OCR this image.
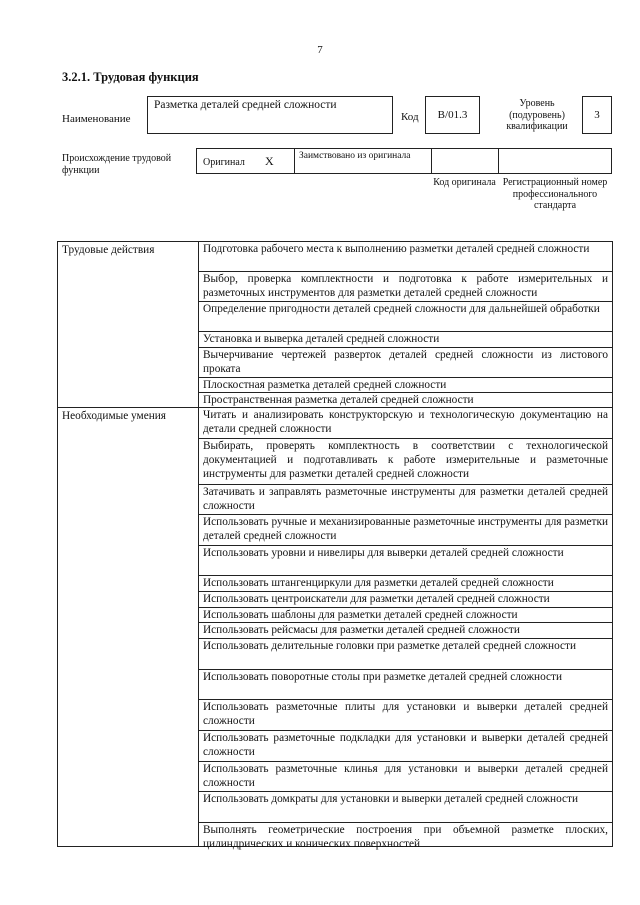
7
3.2.1. Трудовая функция
Наименование
Разметка деталей средней сложности
Код	B/01.3
Уровень (подуровень) квалификации
3
Происхождение трудовой функции
Оригинал X	Заимствовано из оригинала
Код оригинала Регистрационный номер профессионального стандарта
Трудовые действия	Подготовка рабочего места к выполнению разметки деталей средней сложности
Выбор, проверка комплектности и подготовка к работе измерительных и разметочных инструментов для разметки деталей средней сложности
Определение пригодности деталей средней сложности для дальнейшей обработки
Установка и выверка деталей средней сложности
Вычерчивание чертежей разверток деталей средней сложности из листового проката
Плоскостная разметка деталей средней сложности
Пространственная разметка деталей средней сложности
Необходимые умения	Читать и анализировать конструкторскую и технологическую документацию на детали средней сложности
Выбирать, проверять комплектность в соответствии с технологической документацией и подготавливать к работе измерительные и разметочные инструменты для разметки деталей средней сложности
Затачивать и заправлять разметочные инструменты для разметки деталей средней сложности
Использовать ручные и механизированные разметочные инструменты для разметки деталей средней сложности
Использовать уровни и нивелиры для выверки деталей средней сложности
Использовать штангенциркули для разметки деталей средней сложности
Использовать центроискатели для разметки деталей средней сложности
Использовать шаблоны для разметки деталей средней сложности
Использовать рейсмасы для разметки деталей средней сложности
Использовать делительные головки при разметке деталей средней сложности
Использовать поворотные столы при разметке деталей средней сложности
Использовать разметочные плиты для установки и выверки деталей средней сложности
Использовать разметочные подкладки для установки и выверки деталей средней сложности
Использовать разметочные клинья для установки и выверки деталей средней сложности
Использовать домкраты для установки и выверки деталей средней сложности
Выполнять геометрические построения при объемной разметке плоских, цилиндрических и конических поверхностей
